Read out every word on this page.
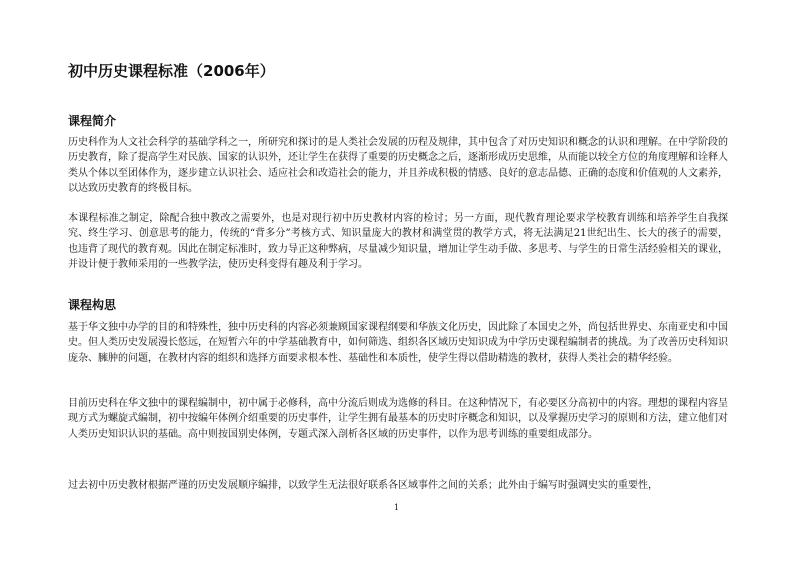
初中历史课程标准（2006年）
课程简介

历史科作为人文社会科学的基础学科之一，所研究和探讨的是人类社会发展的历程及规律，其中包含了对历史知识和概念的认识和理解。在中学阶段的历史教育，除了提高学生对民族、国家的认识外，还让学生在获得了重要的历史概念之后，逐渐形成历史思维，从而能以较全方位的角度理解和诠释人类从个体以至团体作为，逐步建立认识社会、适应社会和改造社会的能力，并且养成积极的情感、良好的意志品德、正确的态度和价值观的人文素养，以达致历史教育的终极目标。

本课程标准之制定，除配合独中教改之需要外，也是对现行初中历史教材内容的检讨；另一方面，现代教育理论要求学校教育训练和培养学生自我探究、终生学习、创意思考的能力，传统的“背多分”考核方式、知识量庞大的教材和满堂贯的教学方式，将无法满足21世纪出生、长大的孩子的需要，也违背了现代的教育观。因此在制定标准时，致力导正这种弊病，尽量减少知识量，增加让学生动手做、多思考、与学生的日常生活经验相关的课业，并设计便于教师采用的一些教学法，使历史科变得有趣及利于学习。

课程构思

基于华文独中办学的目的和特殊性，独中历史科的内容必须兼顾国家课程纲要和华族文化历史，因此除了本国史之外，尚包括世界史、东南亚史和中国史。但人类历史发展漫长悠远，在短暂六年的中学基础教育中，如何筛选、组织各区域历史知识成为中学历史课程编制者的挑战。为了改善历史科知识庞杂、臃肿的问题，在教材内容的组织和选择方面要求根本性、基础性和本质性，使学生得以借助精选的教材，获得人类社会的精华经验。

目前历史科在华文独中的课程编制中，初中属于必修科，高中分流后则成为选修的科目。在这种情况下，有必要区分高初中的内容。理想的课程内容呈现方式为螺旋式编制，初中按编年体例介绍重要的历史事件，让学生拥有最基本的历史时序概念和知识，以及掌握历史学习的原则和方法，建立他们对人类历史知识认识的基础。高中则按国别史体例，专题式深入剖析各区域的历史事件，以作为思考训练的重要组成部分。

过去初中历史教材根据严谨的历史发展顺序编排，以致学生无法很好联系各区域事件之间的关系；此外由于编写时强调史实的重要性，

1
